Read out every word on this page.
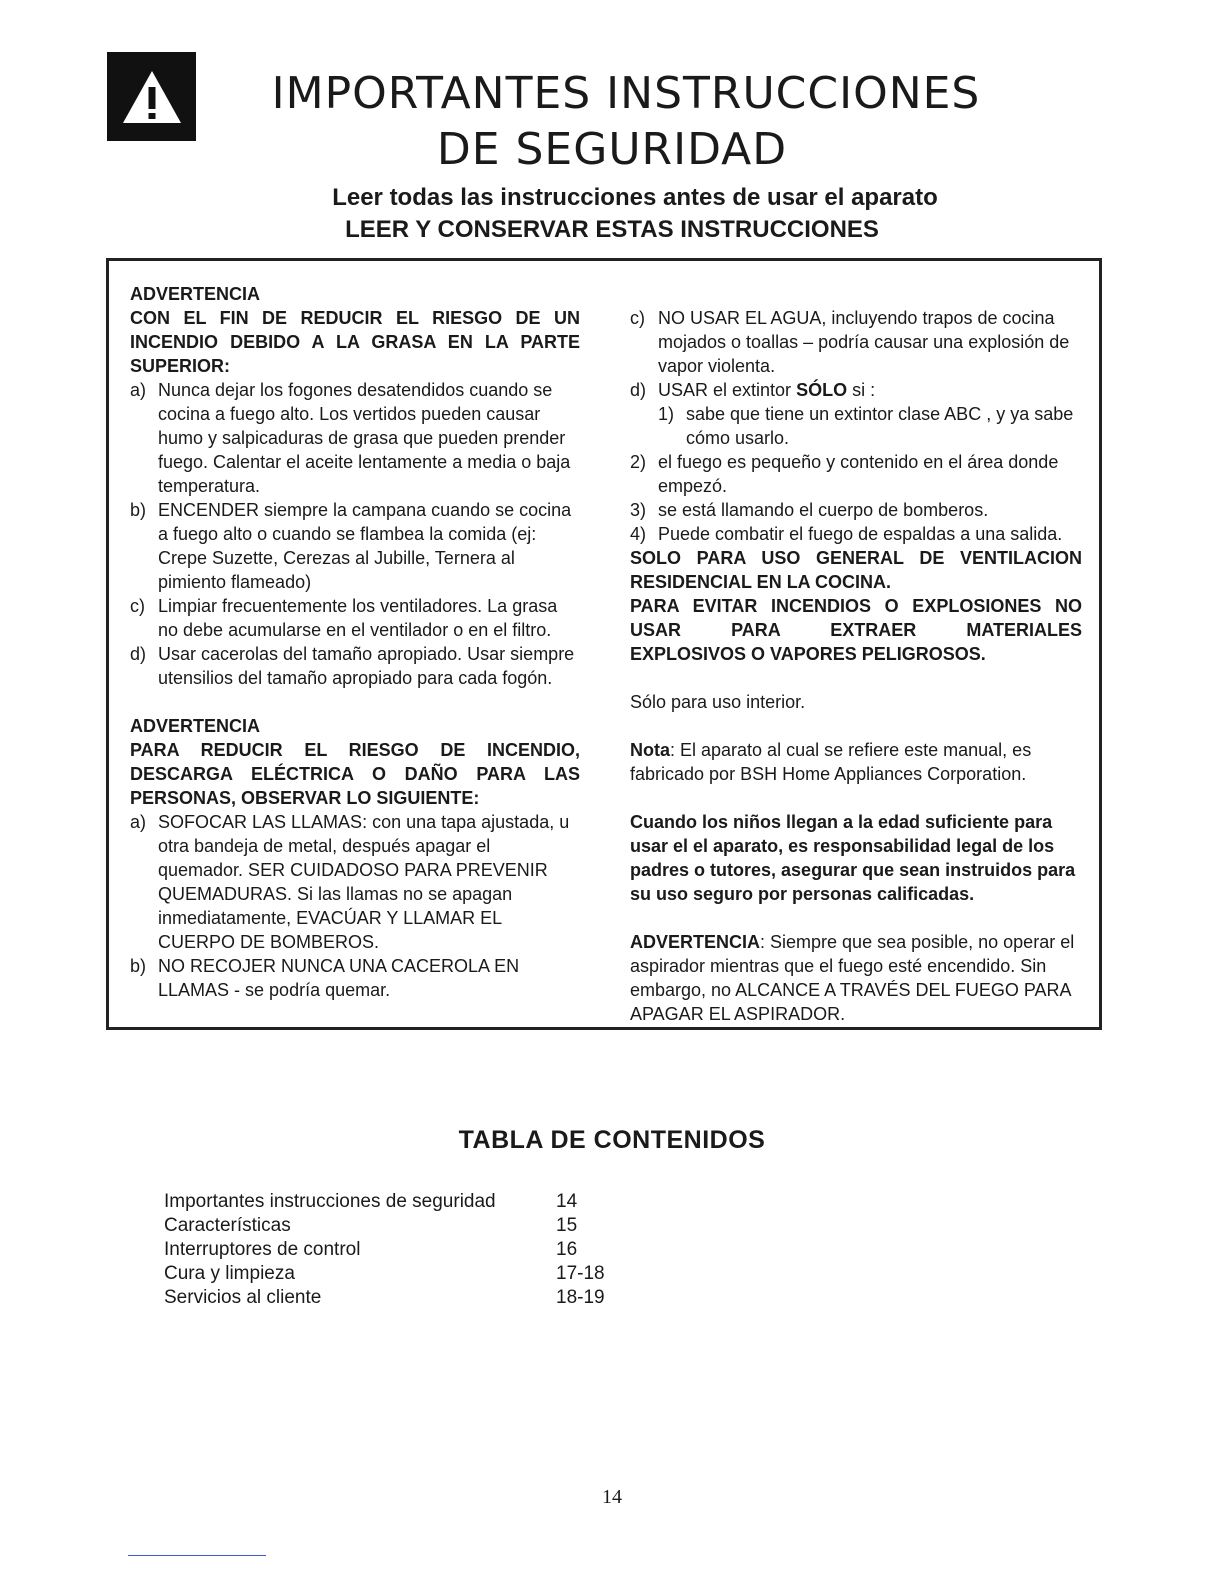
IMPORTANTES INSTRUCCIONES
DE SEGURIDAD
Leer todas las instrucciones antes de usar el aparato
LEER Y CONSERVAR ESTAS INSTRUCCIONES
ADVERTENCIA
CON EL FIN DE REDUCIR EL RIESGO DE UN
INCENDIO DEBIDO A LA GRASA EN LA PARTE
SUPERIOR:
a) Nunca dejar los fogones desatendidos cuando se cocina a fuego alto. Los vertidos pueden causar humo y salpicaduras de grasa que pueden prender fuego. Calentar el aceite lentamente a media o baja temperatura.
b) ENCENDER siempre la campana cuando se cocina a fuego alto o cuando se flambea la comida (ej: Crepe Suzette, Cerezas al Jubille, Ternera al pimiento flameado)
c) Limpiar frecuentemente los ventiladores. La grasa no debe acumularse en el ventilador o en el filtro.
d) Usar cacerolas del tamaño apropiado. Usar siempre utensilios del tamaño apropiado para cada fogón.
ADVERTENCIA
PARA REDUCIR EL RIESGO DE INCENDIO,
DESCARGA ELÉCTRICA O DAÑO PARA LAS
PERSONAS, OBSERVAR LO SIGUIENTE:
a) SOFOCAR LAS LLAMAS: con una tapa ajustada, u otra bandeja de metal, después apagar el quemador. SER CUIDADOSO PARA PREVENIR QUEMADURAS. Si las llamas no se apagan inmediatamente, EVACÚAR Y LLAMAR EL CUERPO DE BOMBEROS.
b) NO RECOJER NUNCA UNA CACEROLA EN LLAMAS - se podría quemar.
c) NO USAR EL AGUA, incluyendo trapos de cocina mojados o toallas – podría causar una explosión de vapor violenta.
d) USAR el extintor SÓLO si :
1) sabe que tiene un extintor clase ABC , y ya sabe cómo usarlo.
2) el fuego es pequeño y contenido en el área donde empezó.
3) se está llamando el cuerpo de bomberos.
4) Puede combatir el fuego de espaldas a una salida.
SOLO PARA USO GENERAL DE VENTILACION
RESIDENCIAL EN LA COCINA.
PARA EVITAR INCENDIOS O EXPLOSIONES NO
USAR PARA EXTRAER MATERIALES
EXPLOSIVOS O VAPORES PELIGROSOS.

Sólo para uso interior.

Nota: El aparato al cual se refiere este manual, es fabricado por BSH Home Appliances Corporation.

Cuando los niños llegan a la edad suficiente para usar el el aparato, es responsabilidad legal de los padres o tutores, asegurar que sean instruidos para su uso seguro por personas calificadas.

ADVERTENCIA: Siempre que sea posible, no operar el aspirador mientras que el fuego esté encendido. Sin embargo, no ALCANCE A TRAVÉS DEL FUEGO PARA APAGAR EL ASPIRADOR.

TABLA DE CONTENIDOS
Importantes instrucciones de seguridad	14
Características	15
Interruptores de control	16
Cura y limpieza	17-18
Servicios al cliente	18-19
14
